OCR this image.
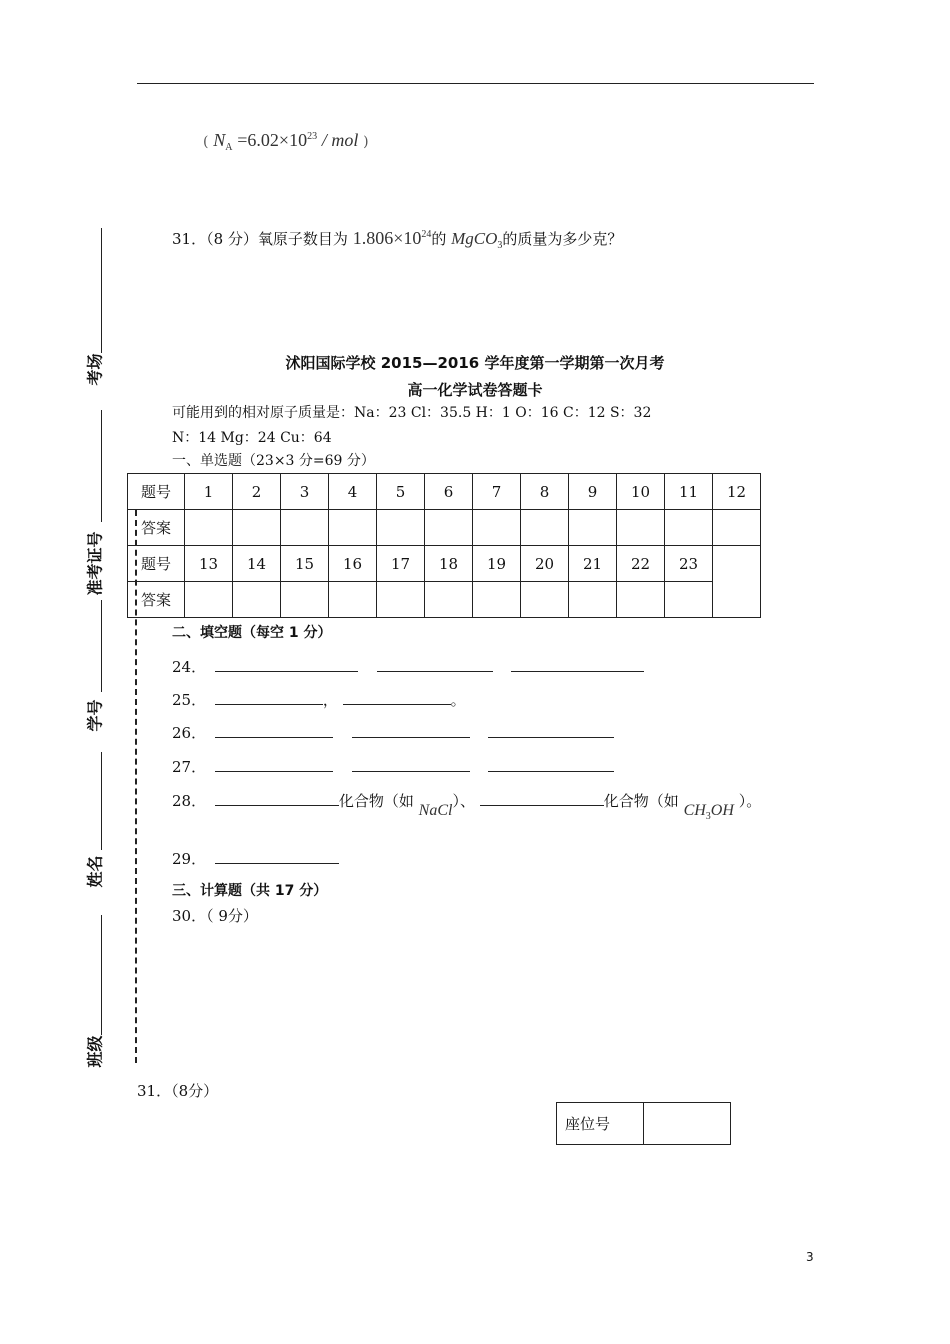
( $N_A =6.02\times 10^{23}$ / mol )
31．（8 分）氧原子数目为 $1.806\times 10^{24}$的 MgCO$_3$的质量为多少克？
考场
准考证号
学号
姓名
班级
沭阳国际学校 2015—2016 学年度第一学期第一次月考
高一化学试卷答题卡
可能用到的相对原子质量是：Na：23 Cl：35.5 H：1 O：16 C：12 S：32
N：14 Mg：24 Cu：64
一、单选题（23×3 分=69 分）
题号	1	2	3	4	5	6	7	8	9	10	11	12
答案												
题号	13	14	15	16	17	18	19	20	21	22	23	
答案												
二、填空题（每空 1 分）
24．
25．	，	。
26．
27．
28．	化合物（如 NaCl）、	化合物（如 $CH_3OH$ ）。
29．
三、计算题（共 17 分）
30．（ 9分）
31．（8分）
座位号	
3
